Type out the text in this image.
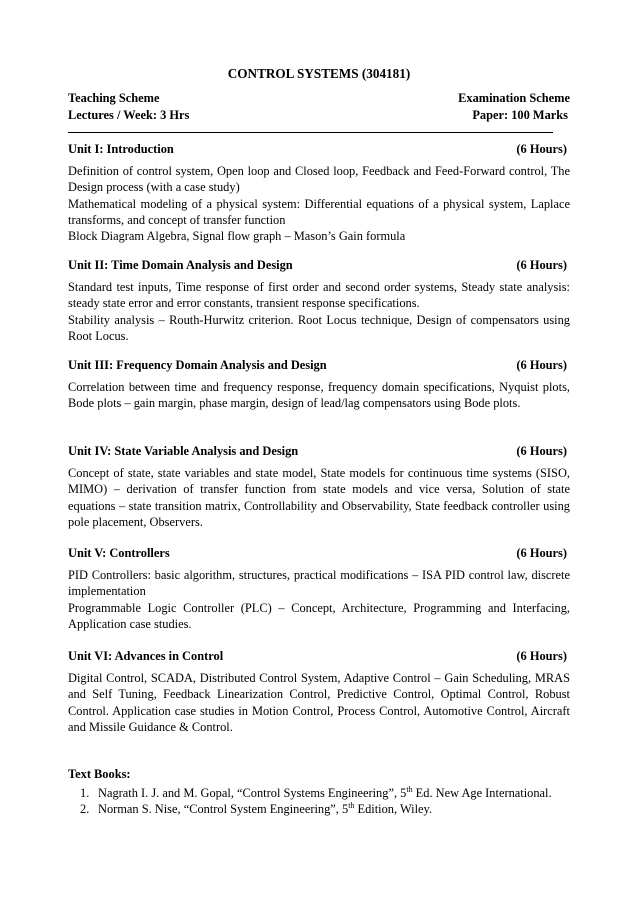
CONTROL SYSTEMS (304181)
Teaching Scheme	Examination Scheme
Lectures / Week: 3 Hrs	Paper: 100 Marks
Unit I: Introduction	(6 Hours)

Definition of control system, Open loop and Closed loop, Feedback and Feed-Forward control, The Design process (with a case study)

Mathematical modeling of a physical system: Differential equations of a physical system, Laplace transforms, and concept of transfer function

Block Diagram Algebra, Signal flow graph – Mason’s Gain formula

Unit II: Time Domain Analysis and Design	(6 Hours)

Standard test inputs, Time response of first order and second order systems, Steady state analysis: steady state error and error constants, transient response specifications.

Stability analysis – Routh-Hurwitz criterion. Root Locus technique, Design of compensators using Root Locus.

Unit III: Frequency Domain Analysis and Design	(6 Hours)

Correlation between time and frequency response, frequency domain specifications, Nyquist plots, Bode plots – gain margin, phase margin, design of lead/lag compensators using Bode plots.

Unit IV: State Variable Analysis and Design	(6 Hours)

Concept of state, state variables and state model, State models for continuous time systems (SISO, MIMO) – derivation of transfer function from state models and vice versa, Solution of state equations – state transition matrix, Controllability and Observability, State feedback controller using pole placement, Observers.

Unit V: Controllers	(6 Hours)

PID Controllers: basic algorithm, structures, practical modifications – ISA PID control law, discrete implementation

Programmable Logic Controller (PLC) – Concept, Architecture, Programming and Interfacing, Application case studies.

Unit VI: Advances in Control	(6 Hours)

Digital Control, SCADA, Distributed Control System, Adaptive Control – Gain Scheduling, MRAS and Self Tuning, Feedback Linearization Control, Predictive Control, Optimal Control, Robust Control. Application case studies in Motion Control, Process Control, Automotive Control, Aircraft and Missile Guidance & Control.

Text Books:
1. Nagrath I. J. and M. Gopal, “Control Systems Engineering”, 5th Ed. New Age International.
2. Norman S. Nise, “Control System Engineering”, 5th Edition, Wiley.
